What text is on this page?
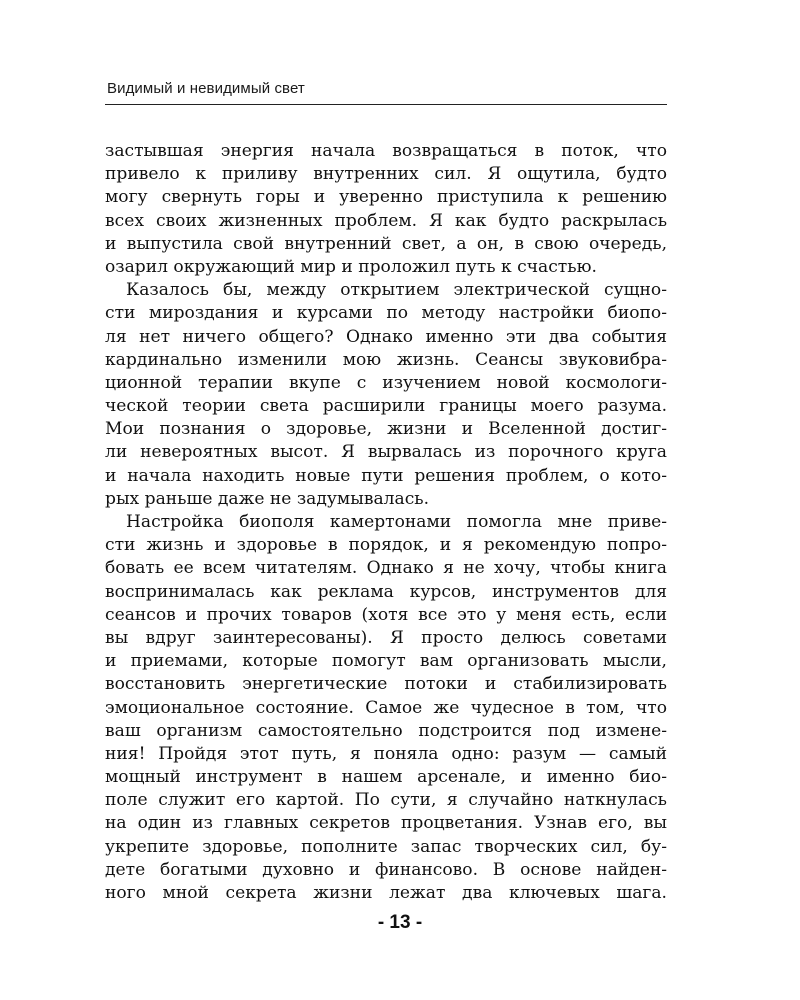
Видимый и невидимый свет
застывшая энергия начала возвращаться в поток, что
привело к приливу внутренних сил. Я ощутила, будто
могу свернуть горы и уверенно приступила к решению
всех своих жизненных проблем. Я как будто раскрылась
и выпустила свой внутренний свет, а он, в свою очередь,
озарил окружающий мир и проложил путь к счастью.
Казалось бы, между открытием электрической сущно-
сти мироздания и курсами по методу настройки биопо-
ля нет ничего общего? Однако именно эти два события
кардинально изменили мою жизнь. Сеансы звуковибра-
ционной терапии вкупе с изучением новой космологи-
ческой теории света расширили границы моего разума.
Мои познания о здоровье, жизни и Вселенной достиг-
ли невероятных высот. Я вырвалась из порочного круга
и начала находить новые пути решения проблем, о кото-
рых раньше даже не задумывалась.
Настройка биополя камертонами помогла мне приве-
сти жизнь и здоровье в порядок, и я рекомендую попро-
бовать ее всем читателям. Однако я не хочу, чтобы книга
воспринималась как реклама курсов, инструментов для
сеансов и прочих товаров (хотя все это у меня есть, если
вы вдруг заинтересованы). Я просто делюсь советами
и приемами, которые помогут вам организовать мысли,
восстановить энергетические потоки и стабилизировать
эмоциональное состояние. Самое же чудесное в том, что
ваш организм самостоятельно подстроится под измене-
ния! Пройдя этот путь, я поняла одно: разум — самый
мощный инструмент в нашем арсенале, и именно био-
поле служит его картой. По сути, я случайно наткнулась
на один из главных секретов процветания. Узнав его, вы
укрепите здоровье, пополните запас творческих сил, бу-
дете богатыми духовно и финансово. В основе найден-
ного мной секрета жизни лежат два ключевых шага.
- 13 -
